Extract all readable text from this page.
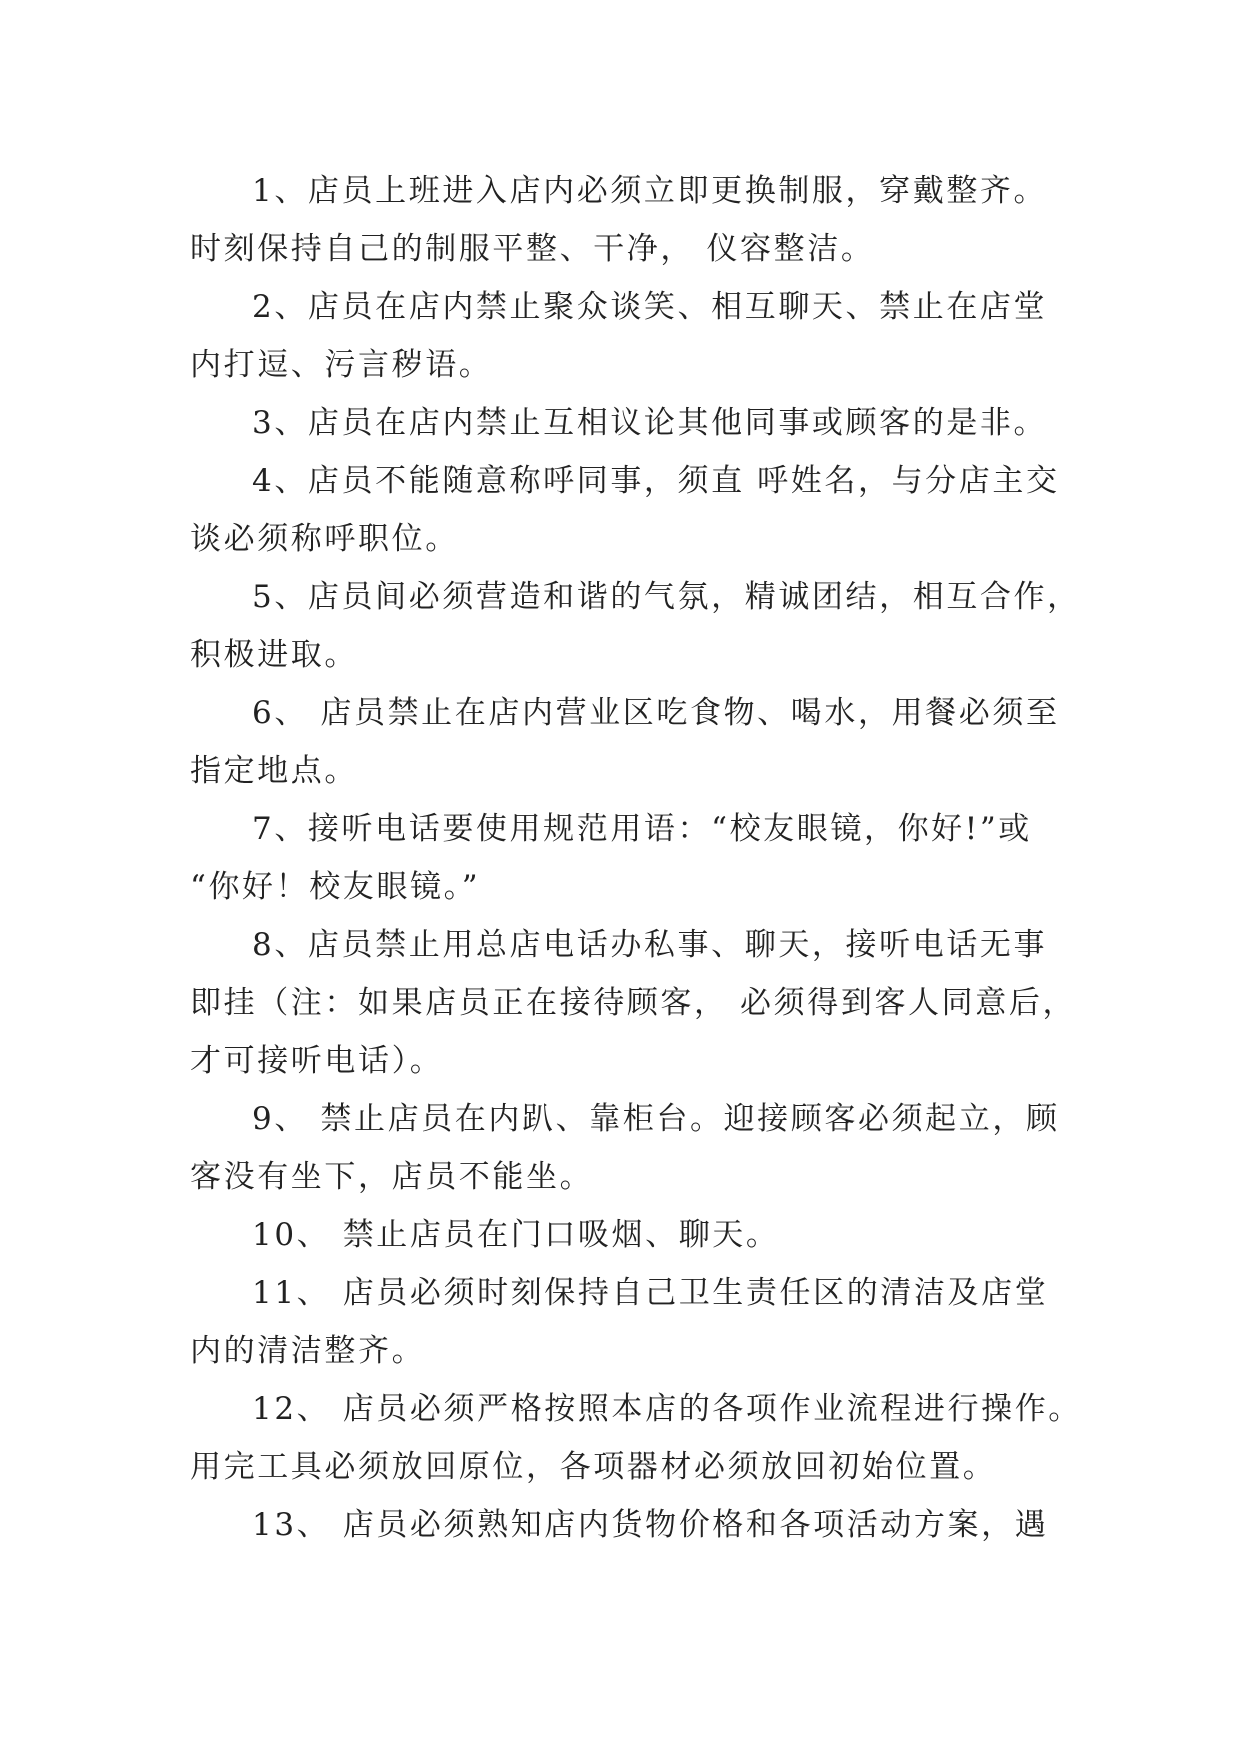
1、店员上班进入店内必须立即更换制服，穿戴整齐。
时刻保持自己的制服平整、干净， 仪容整洁。
2、店员在店内禁止聚众谈笑、相互聊天、禁止在店堂
内打逗、污言秽语。
3、店员在店内禁止互相议论其他同事或顾客的是非。
4、店员不能随意称呼同事，须直 呼姓名，与分店主交
谈必须称呼职位。
5、店员间必须营造和谐的气氛，精诚团结，相互合作，
积极进取。
6、 店员禁止在店内营业区吃食物、喝水，用餐必须至
指定地点。
7、接听电话要使用规范用语：“校友眼镜，你好!”或
“你好！校友眼镜。”
8、店员禁止用总店电话办私事、聊天，接听电话无事
即挂（注：如果店员正在接待顾客， 必须得到客人同意后，
才可接听电话）。
9、 禁止店员在内趴、靠柜台。迎接顾客必须起立，顾
客没有坐下，店员不能坐。
10、 禁止店员在门口吸烟、聊天。
11、 店员必须时刻保持自己卫生责任区的清洁及店堂
内的清洁整齐。
12、 店员必须严格按照本店的各项作业流程进行操作。
用完工具必须放回原位，各项器材必须放回初始位置。
13、 店员必须熟知店内货物价格和各项活动方案，遇
